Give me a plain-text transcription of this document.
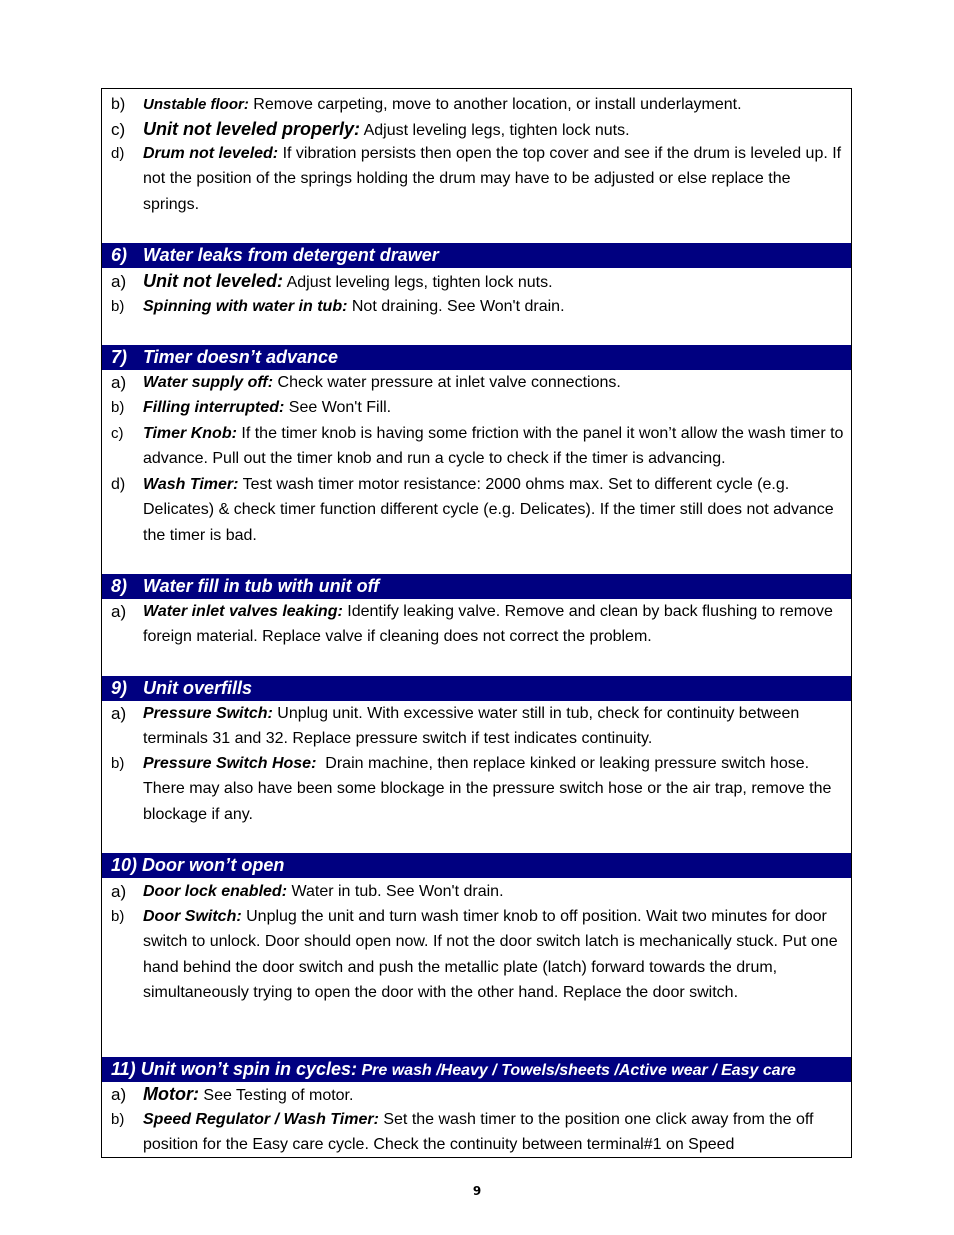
b) Unstable floor: Remove carpeting, move to another location, or install underlayment.
c) Unit not leveled properly: Adjust leveling legs, tighten lock nuts.
d) Drum not leveled: If vibration persists then open the top cover and see if the drum is leveled up. If not the position of the springs holding the drum may have to be adjusted or else replace the springs.
6) Water leaks from detergent drawer
a) Unit not leveled: Adjust leveling legs, tighten lock nuts.
b) Spinning with water in tub: Not draining. See Won't drain.
7) Timer doesn’t advance
a) Water supply off: Check water pressure at inlet valve connections.
b) Filling interrupted: See Won't Fill.
c) Timer Knob: If the timer knob is having some friction with the panel it won’t allow the wash timer to advance. Pull out the timer knob and run a cycle to check if the timer is advancing.
d) Wash Timer: Test wash timer motor resistance: 2000 ohms max. Set to different cycle (e.g. Delicates) & check timer function different cycle (e.g. Delicates). If the timer still does not advance the timer is bad.
8) Water fill in tub with unit off
a) Water inlet valves leaking: Identify leaking valve. Remove and clean by back flushing to remove foreign material. Replace valve if cleaning does not correct the problem.
9) Unit overfills
a) Pressure Switch: Unplug unit. With excessive water still in tub, check for continuity between terminals 31 and 32. Replace pressure switch if test indicates continuity.
b) Pressure Switch Hose:  Drain machine, then replace kinked or leaking pressure switch hose. There may also have been some blockage in the pressure switch hose or the air trap, remove the blockage if any.
10) Door won’t open
a) Door lock enabled: Water in tub. See Won't drain.
b) Door Switch: Unplug the unit and turn wash timer knob to off position. Wait two minutes for door switch to unlock. Door should open now. If not the door switch latch is mechanically stuck. Put one hand behind the door switch and push the metallic plate (latch) forward towards the drum, simultaneously trying to open the door with the other hand. Replace the door switch.
11) Unit won’t spin in cycles: Pre wash /Heavy / Towels/sheets /Active wear / Easy care
a) Motor: See Testing of motor.
b) Speed Regulator / Wash Timer: Set the wash timer to the position one click away from the off position for the Easy care cycle. Check the continuity between terminal#1 on Speed
9
